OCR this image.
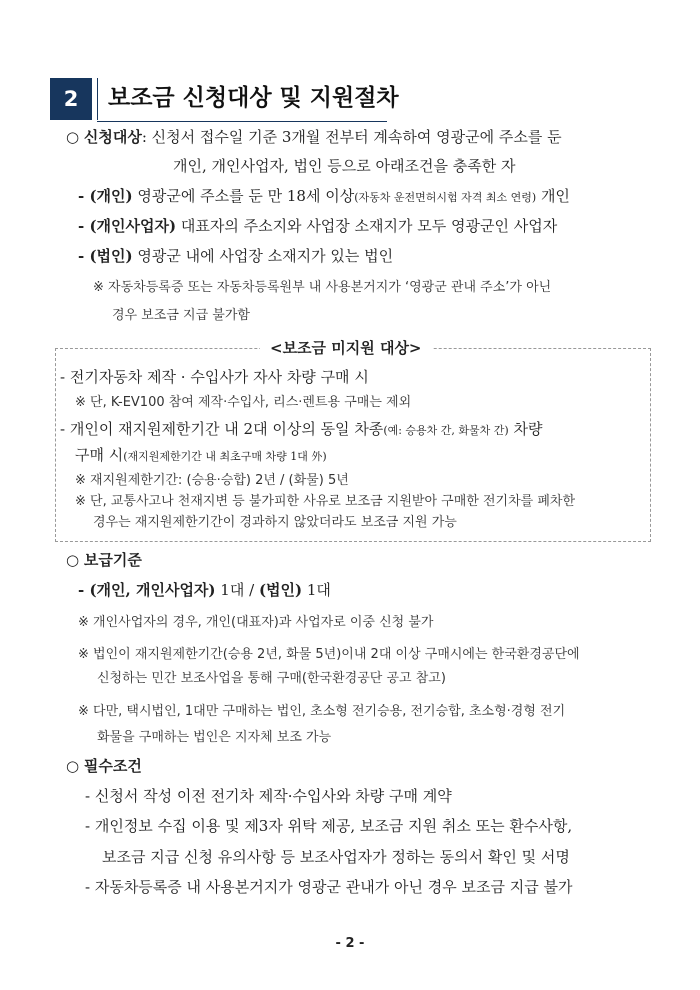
2	보조금 신청대상 및 지원절차
○ 신청대상: 신청서 접수일 기준 3개월 전부터 계속하여 영광군에 주소를 둔
개인, 개인사업자, 법인 등으로 아래조건을 충족한 자
- (개인) 영광군에 주소를 둔 만 18세 이상(자동차 운전면허시험 자격 최소 연령) 개인
- (개인사업자) 대표자의 주소지와 사업장 소재지가 모두 영광군인 사업자
- (법인) 영광군 내에 사업장 소재지가 있는 법인
※ 자동차등록증 또는 자동차등록원부 내 사용본거지가 ‘영광군 관내 주소’가 아닌
경우 보조금 지급 불가함
<보조금 미지원 대상>
- 전기자동차 제작 · 수입사가 자사 차량 구매 시
※ 단, K-EV100 참여 제작·수입사, 리스·렌트용 구매는 제외
- 개인이 재지원제한기간 내 2대 이상의 동일 차종(예: 승용차 간, 화물차 간) 차량
구매 시(재지원제한기간 내 최초구매 차량 1대 外)
※ 재지원제한기간: (승용·승합) 2년 / (화물) 5년
※ 단, 교통사고나 천재지변 등 불가피한 사유로 보조금 지원받아 구매한 전기차를 폐차한
경우는 재지원제한기간이 경과하지 않았더라도 보조금 지원 가능
○ 보급기준
- (개인, 개인사업자) 1대 / (법인) 1대
※ 개인사업자의 경우, 개인(대표자)과 사업자로 이중 신청 불가
※ 법인이 재지원제한기간(승용 2년, 화물 5년)이내 2대 이상 구매시에는 한국환경공단에
신청하는 민간 보조사업을 통해 구매(한국환경공단 공고 참고)
※ 다만, 택시법인, 1대만 구매하는 법인, 초소형 전기승용, 전기승합, 초소형·경형 전기
화물을 구매하는 법인은 지자체 보조 가능
○ 필수조건
- 신청서 작성 이전 전기차 제작·수입사와 차량 구매 계약
- 개인정보 수집 이용 및 제3자 위탁 제공, 보조금 지원 취소 또는 환수사항,
보조금 지급 신청 유의사항 등 보조사업자가 정하는 동의서 확인 및 서명
- 자동차등록증 내 사용본거지가 영광군 관내가 아닌 경우 보조금 지급 불가
- 2 -
